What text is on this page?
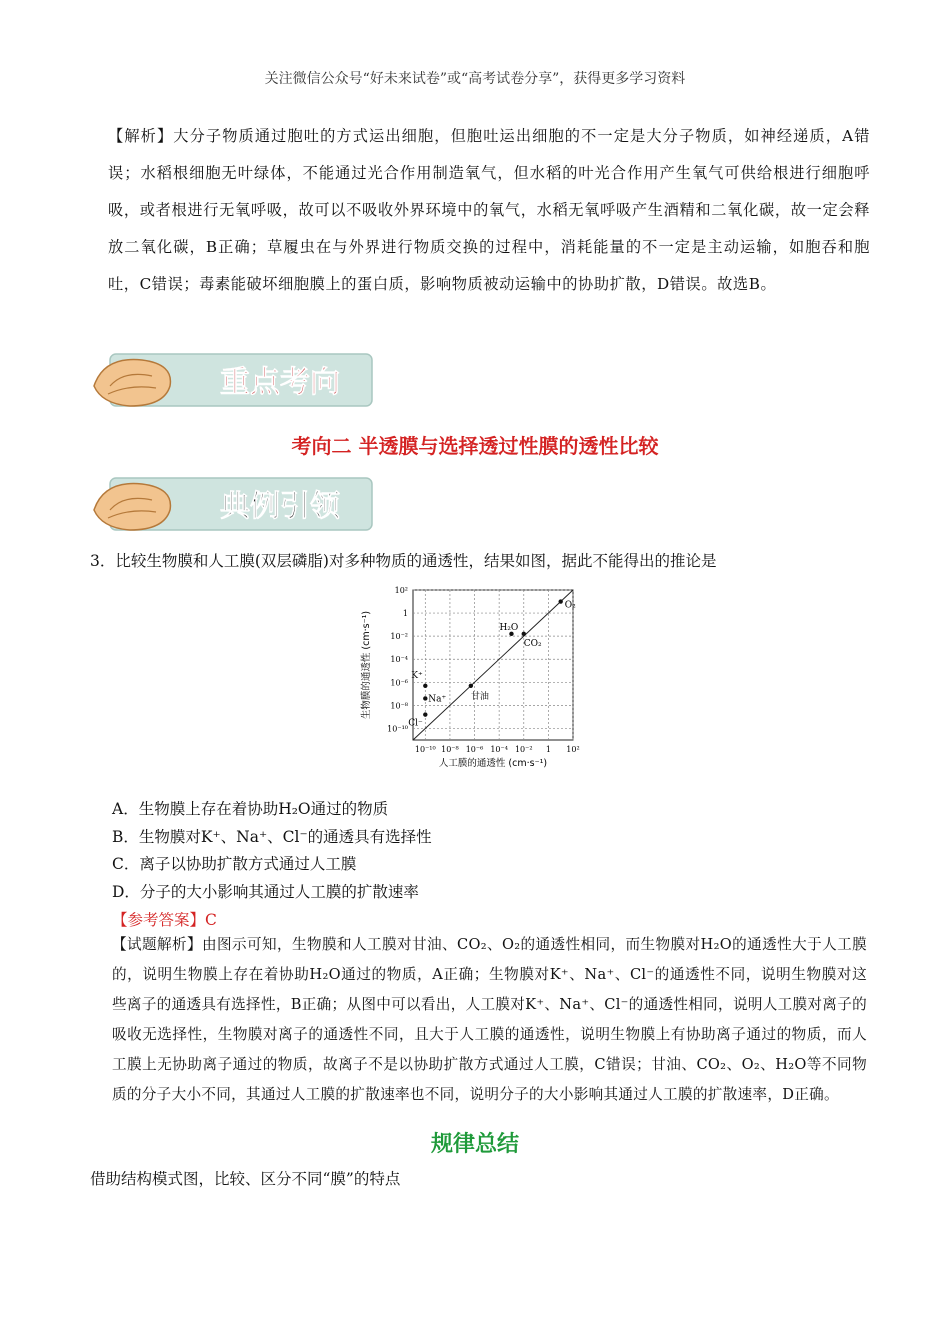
关注微信公众号“好未来试卷”或“高考试卷分享”，获得更多学习资料
【解析】大分子物质通过胞吐的方式运出细胞，但胞吐运出细胞的不一定是大分子物质，如神经递质，A错误；水稻根细胞无叶绿体，不能通过光合作用制造氧气，但水稻的叶光合作用产生氧气可供给根进行细胞呼吸，或者根进行无氧呼吸，故可以不吸收外界环境中的氧气，水稻无氧呼吸产生酒精和二氧化碳，故一定会释放二氧化碳，B正确；草履虫在与外界进行物质交换的过程中，消耗能量的不一定是主动运输，如胞吞和胞吐，C错误；毒素能破坏细胞膜上的蛋白质，影响物质被动运输中的协助扩散，D错误。故选B。
重点考向
考向二 半透膜与选择透过性膜的透性比较
典例引领
3．比较生物膜和人工膜(双层磷脂)对多种物质的通透性，结果如图，据此不能得出的推论是
10⁻¹⁰ 10⁻⁸ 10⁻⁶ 10⁻⁴ 10⁻² 1 10²
10²
1
10⁻²
10⁻⁴
10⁻⁶
10⁻⁸
10⁻¹⁰
O₂
H₂O
CO₂
甘油
K⁺
Na⁺
Cl⁻
人工膜的通透性 (cm·s⁻¹)
生物膜的通透性 (cm·s⁻¹)
A．生物膜上存在着协助H₂O通过的物质
B．生物膜对K⁺、Na⁺、Cl⁻的通透具有选择性
C．离子以协助扩散方式通过人工膜
D．分子的大小影响其通过人工膜的扩散速率
【参考答案】C
【试题解析】由图示可知，生物膜和人工膜对甘油、CO₂、O₂的通透性相同，而生物膜对H₂O的通透性大于人工膜的，说明生物膜上存在着协助H₂O通过的物质，A正确；生物膜对K⁺、Na⁺、Cl⁻的通透性不同，说明生物膜对这些离子的通透具有选择性，B正确；从图中可以看出，人工膜对K⁺、Na⁺、Cl⁻的通透性相同，说明人工膜对离子的吸收无选择性，生物膜对离子的通透性不同，且大于人工膜的通透性，说明生物膜上有协助离子通过的物质，而人工膜上无协助离子通过的物质，故离子不是以协助扩散方式通过人工膜，C错误；甘油、CO₂、O₂、H₂O等不同物质的分子大小不同，其通过人工膜的扩散速率也不同，说明分子的大小影响其通过人工膜的扩散速率，D正确。
规律总结
借助结构模式图，比较、区分不同“膜”的特点
